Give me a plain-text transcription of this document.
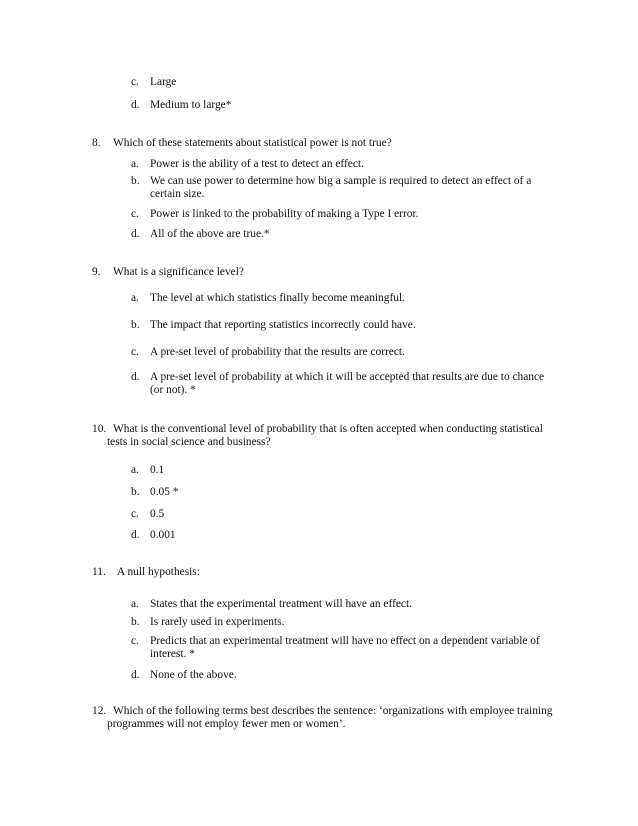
c. Large
d. Medium to large*
8. Which of these statements about statistical power is not true?
a. Power is the ability of a test to detect an effect.
b. We can use power to determine how big a sample is required to detect an effect of a
certain size.
c. Power is linked to the probability of making a Type I error.
d. All of the above are true.*
9. What is a significance level?
a. The level at which statistics finally become meaningful.
b. The impact that reporting statistics incorrectly could have.
c. A pre-set level of probability that the results are correct.
d. A pre-set level of probability at which it will be accepted that results are due to chance
(or not). *
10. What is the conventional level of probability that is often accepted when conducting statistical
tests in social science and business?
a. 0.1
b. 0.05 *
c. 0.5
d. 0.001
11. A null hypothesis:
a. States that the experimental treatment will have an effect.
b. Is rarely used in experiments.
c. Predicts that an experimental treatment will have no effect on a dependent variable of
interest. *
d. None of the above.
12. Which of the following terms best describes the sentence: ‘organizations with employee training
programmes will not employ fewer men or women’.
